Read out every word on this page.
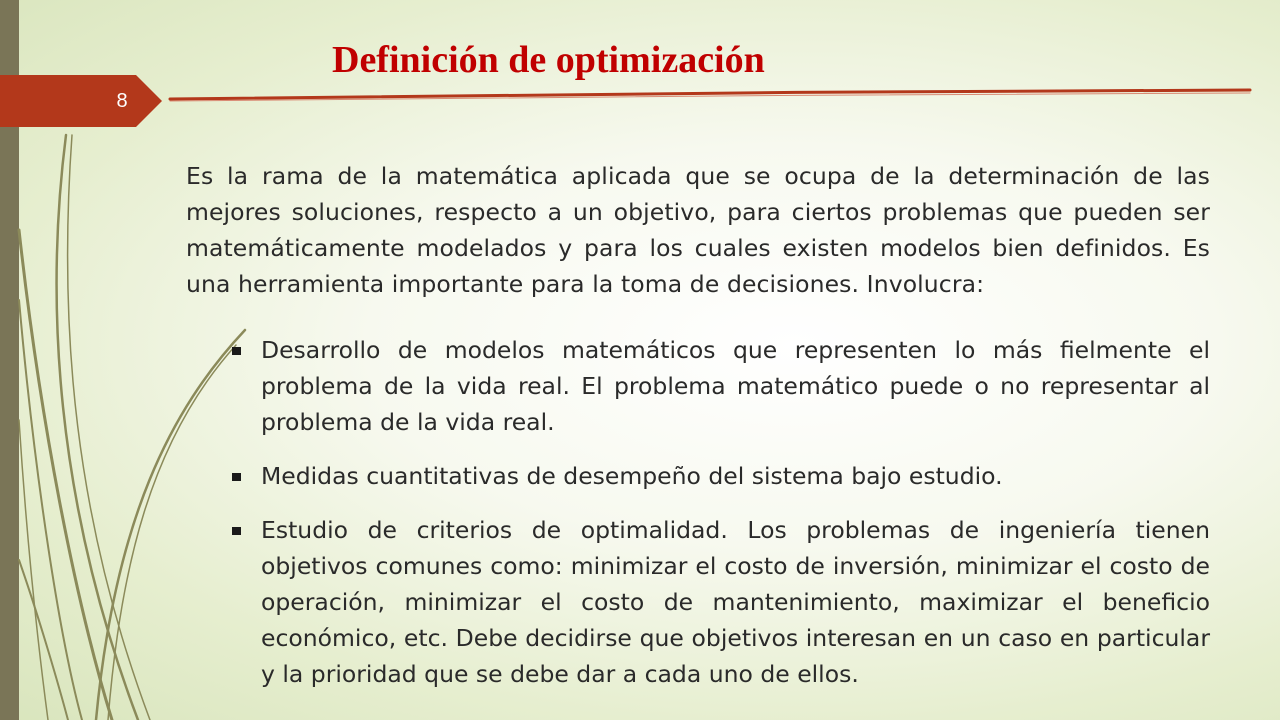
8
Definición de optimización

Es la rama de la matemática aplicada que se ocupa de la determinación de las mejores soluciones, respecto a un objetivo, para ciertos problemas que pueden ser matemáticamente modelados y para los cuales existen modelos bien definidos. Es una herramienta importante para la toma de decisiones. Involucra:

Desarrollo de modelos matemáticos que representen lo más fielmente el problema de la vida real. El problema matemático puede o no representar al problema de la vida real.
Medidas cuantitativas de desempeño del sistema bajo estudio.
Estudio de criterios de optimalidad. Los problemas de ingeniería tienen objetivos comunes como: minimizar el costo de inversión, minimizar el costo de operación, minimizar el costo de mantenimiento, maximizar el beneficio económico, etc. Debe decidirse que objetivos interesan en un caso en particular y la prioridad que se debe dar a cada uno de ellos.
